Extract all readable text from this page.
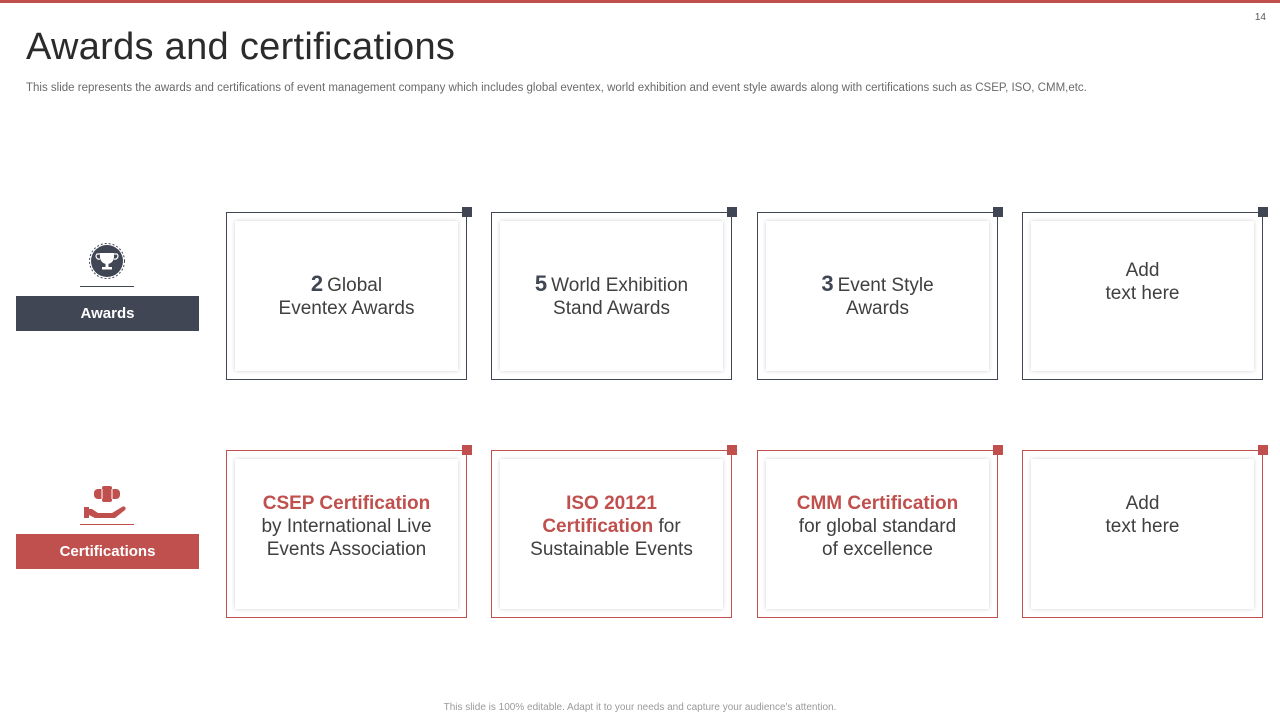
14
Awards and certifications
This slide represents the awards and certifications of event management company which includes global eventex, world exhibition and event style awards along with certifications such as CSEP, ISO, CMM,etc.
Awards
Certifications
2 Global
Eventex Awards
5 World Exhibition
Stand Awards
3 Event Style
Awards
Add
text here
CSEP Certification
by International Live
Events Association
ISO 20121
Certification for
Sustainable Events
CMM Certification
for global standard
of excellence
Add
text here
This slide is 100% editable. Adapt it to your needs and capture your audience's attention.
